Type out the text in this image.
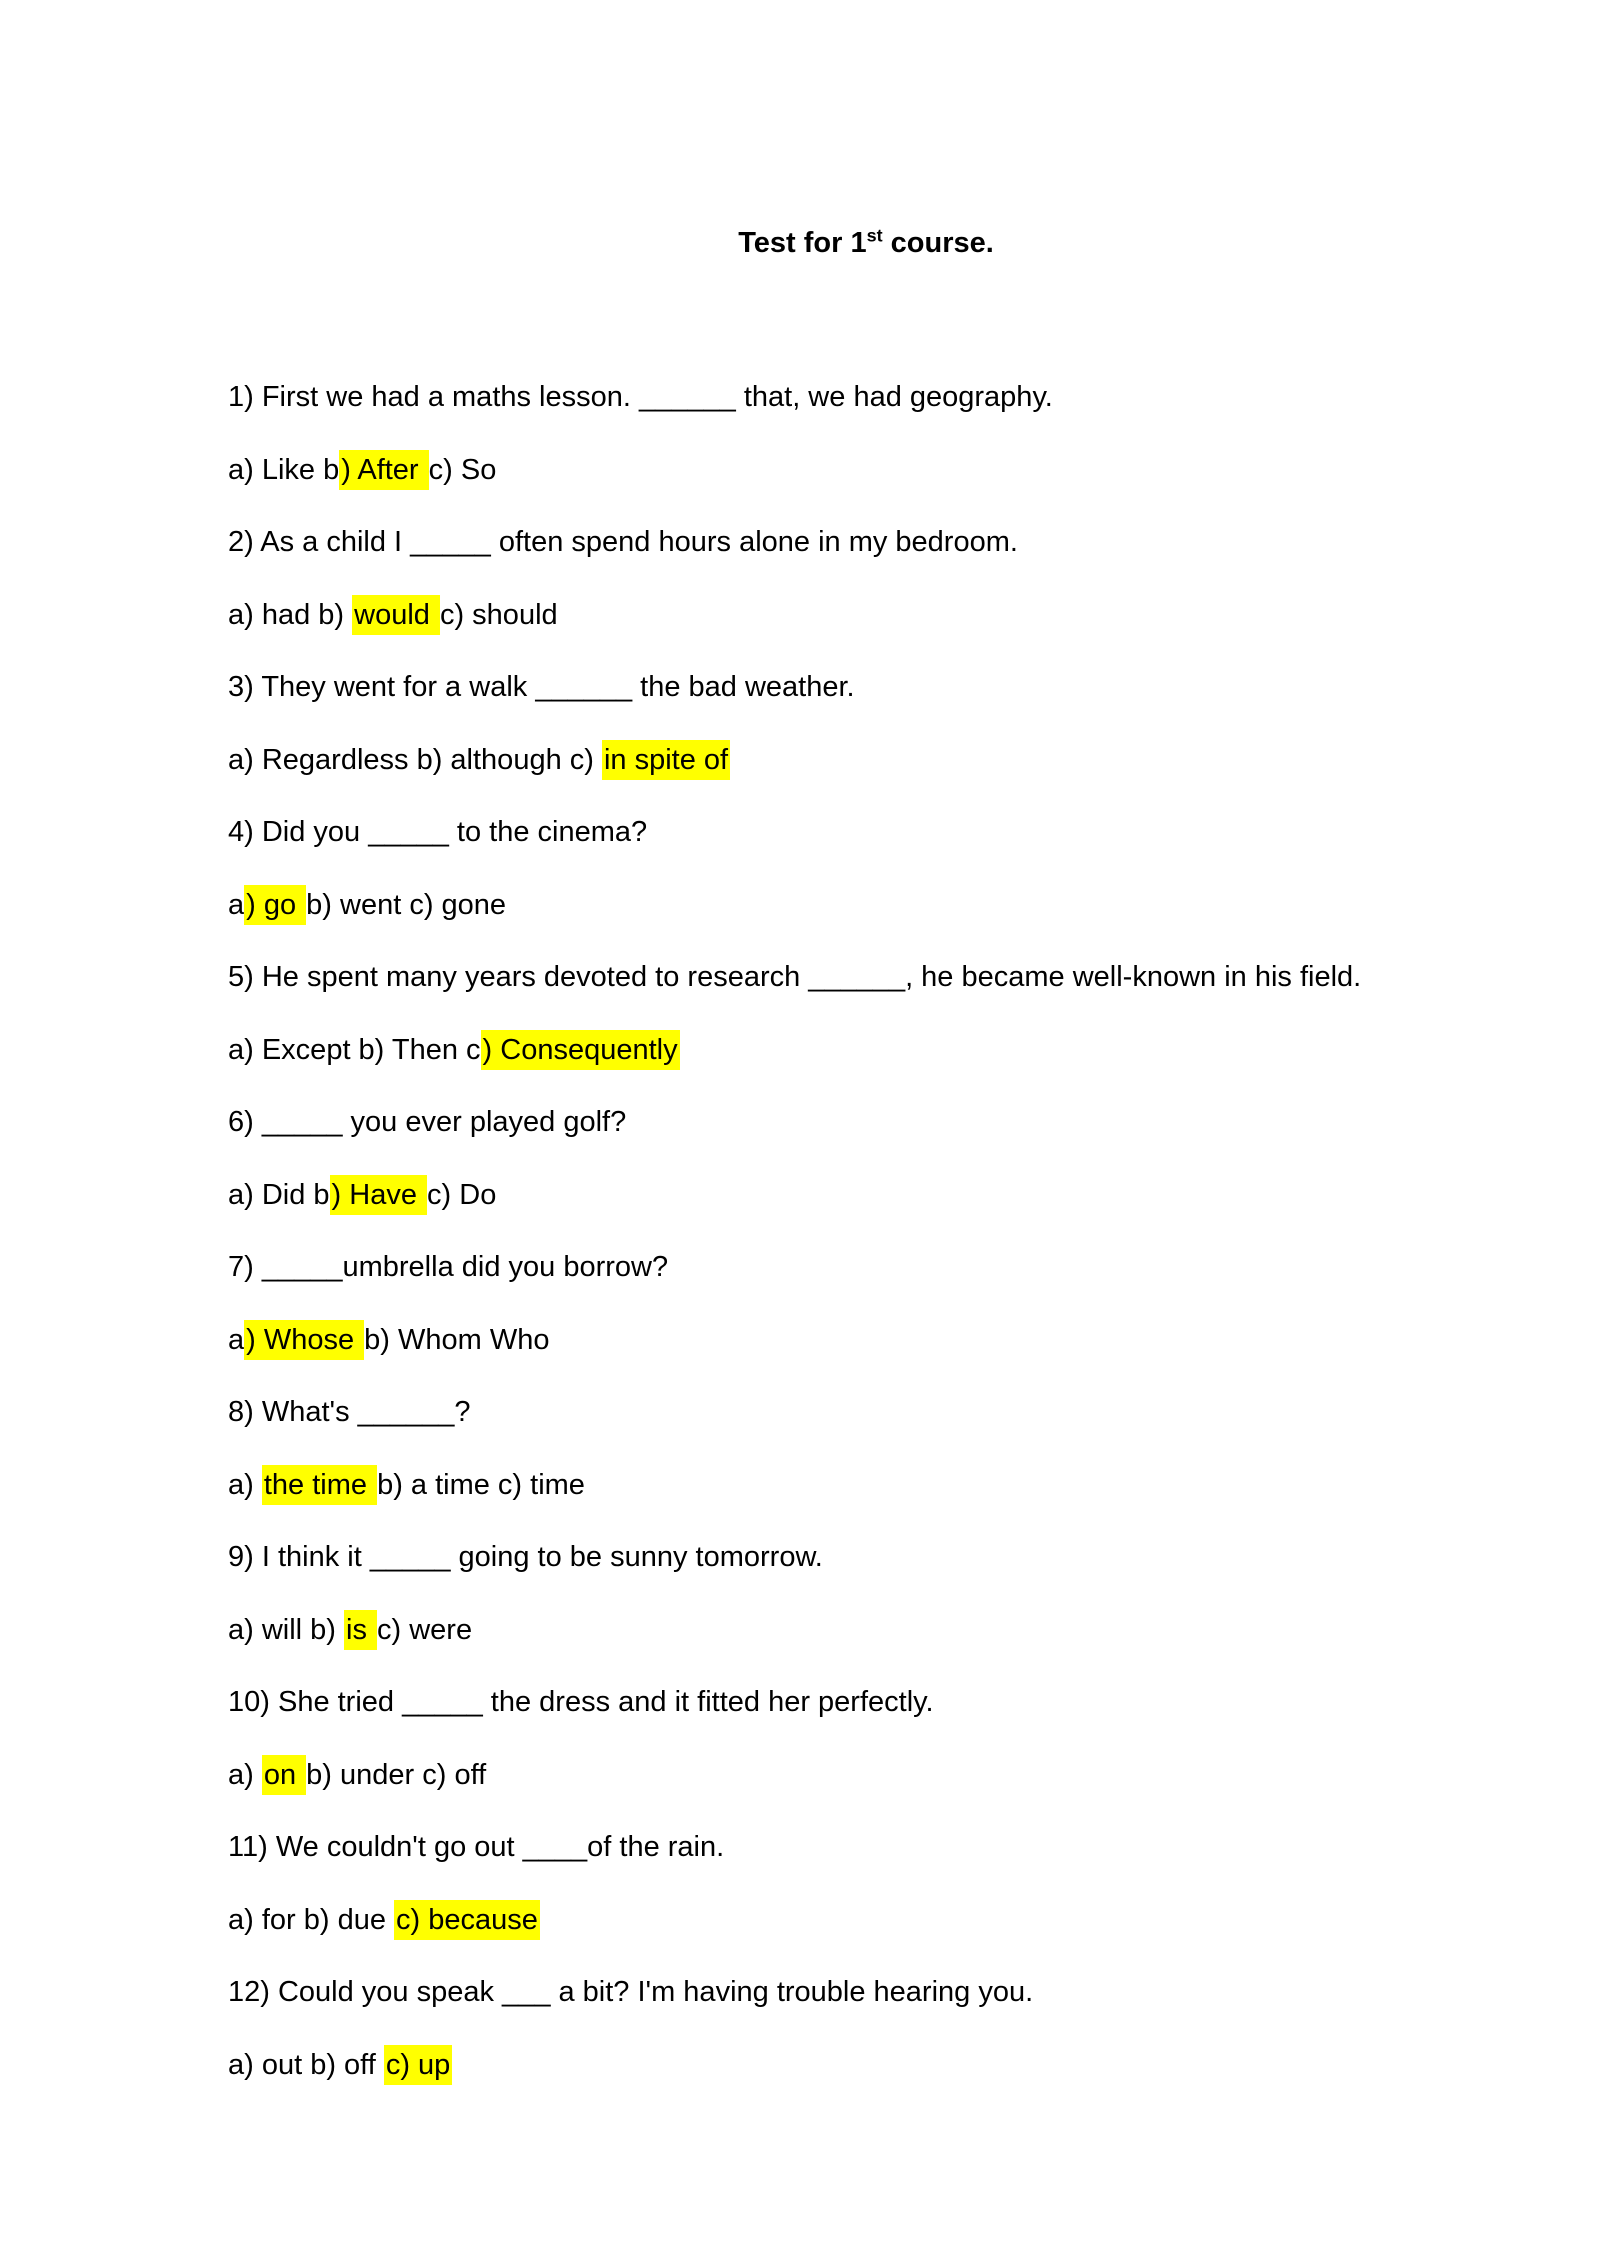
Test for 1st course.

1) First we had a maths lesson. ______ that, we had geography.

a) Like b) After c) So

2) As a child I _____ often spend hours alone in my bedroom.

a) had b) would c) should

3) They went for a walk ______ the bad weather.

a) Regardless b) although c) in spite of

4) Did you _____ to the cinema?

a) go b) went c) gone

5) He spent many years devoted to research ______, he became well-known in his field.

a) Except b) Then c) Consequently

6) _____ you ever played golf?

a) Did b) Have c) Do

7) _____umbrella did you borrow?

a) Whose b) Whom Who

8) What's ______?

a) the time b) a time c) time

9) I think it _____ going to be sunny tomorrow.

a) will b) is c) were

10) She tried _____ the dress and it fitted her perfectly.

a) on b) under c) off

11) We couldn't go out ____of the rain.

a) for b) due c) because

12) Could you speak ___ a bit? I'm having trouble hearing you.

a) out b) off c) up
